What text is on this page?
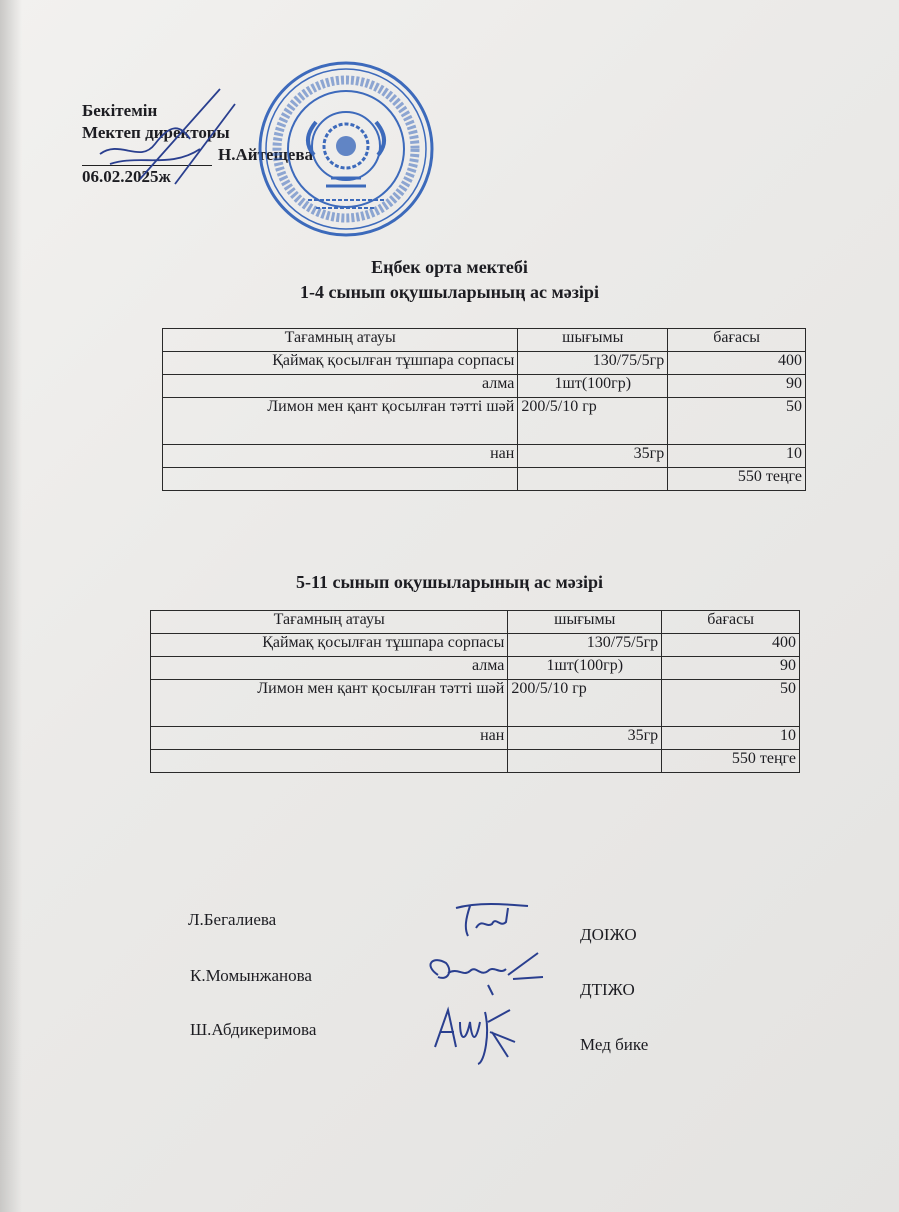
Бекітемін
Мектеп директоры
Н.Айтещева
06.02.2025ж
Еңбек орта мектебі
1-4 сынып оқушыларының ас мәзірі
Тағамның атауы	шығымы	бағасы
Қаймақ қосылған тұшпара сорпасы	130/75/5гр	400
алма	1шт(100гр)	90
Лимон мен қант қосылған тәтті шәй	200/5/10 гр	50
нан	35гр	10
		550 теңге
5-11 сынып оқушыларының ас мәзірі
Тағамның атауы	шығымы	бағасы
Қаймақ қосылған тұшпара сорпасы	130/75/5гр	400
алма	1шт(100гр)	90
Лимон мен қант қосылған тәтті шәй	200/5/10 гр	50
нан	35гр	10
		550 теңге
Л.Бегалиева
ДОІЖО
К.Момынжанова
ДТІЖО
Ш.Абдикеримова
Мед бике
